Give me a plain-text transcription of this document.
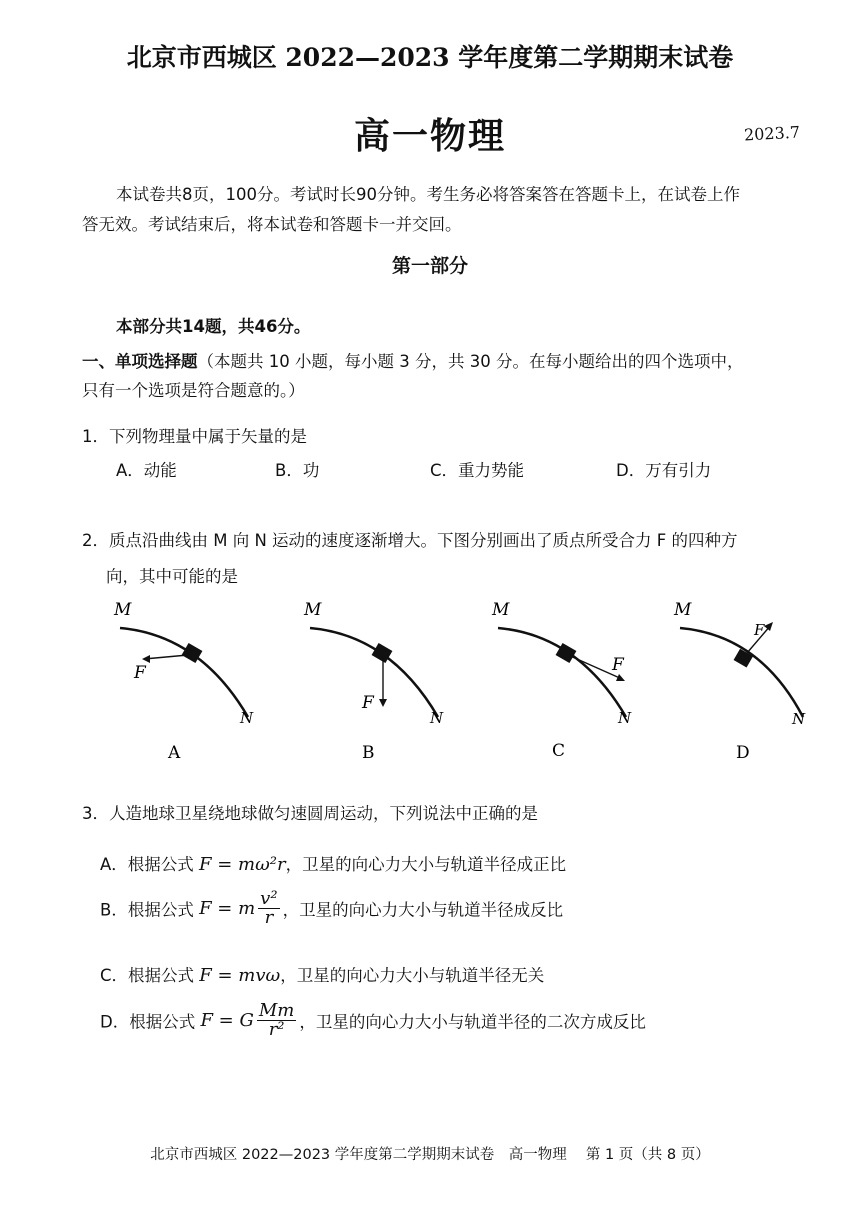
北京市西城区 2022—2023 学年度第二学期期末试卷
高一物理	2023.7
本试卷共8页，100分。考试时长90分钟。考生务必将答案答在答题卡上，在试卷上作
答无效。考试结束后，将本试卷和答题卡一并交回。
第一部分
本部分共14题，共46分。
一、单项选择题（本题共 10 小题，每小题 3 分，共 30 分。在每小题给出的四个选项中，
只有一个选项是符合题意的。）
1．下列物理量中属于矢量的是
A．动能	B．功	C．重力势能	D．万有引力
2．质点沿曲线由 M 向 N 运动的速度逐渐增大。下图分别画出了质点所受合力 F 的四种方
向，其中可能的是
M
F
N
A
M
F
N
B
M
F
N
C
M
F
N
D
3．人造地球卫星绕地球做匀速圆周运动，下列说法中正确的是
A．根据公式 F = mω²r，卫星的向心力大小与轨道半径成正比
B．根据公式 F = m $\frac{\text{v²}}{r}$ ，卫星的向心力大小与轨道半径成反比
C．根据公式 F = mvω，卫星的向心力大小与轨道半径无关
D．根据公式 F = G $\frac{Mm}{\text{r²}}$ ，卫星的向心力大小与轨道半径的二次方成反比
北京市西城区 2022—2023 学年度第二学期期末试卷　高一物理　 第 1 页（共 8 页）
